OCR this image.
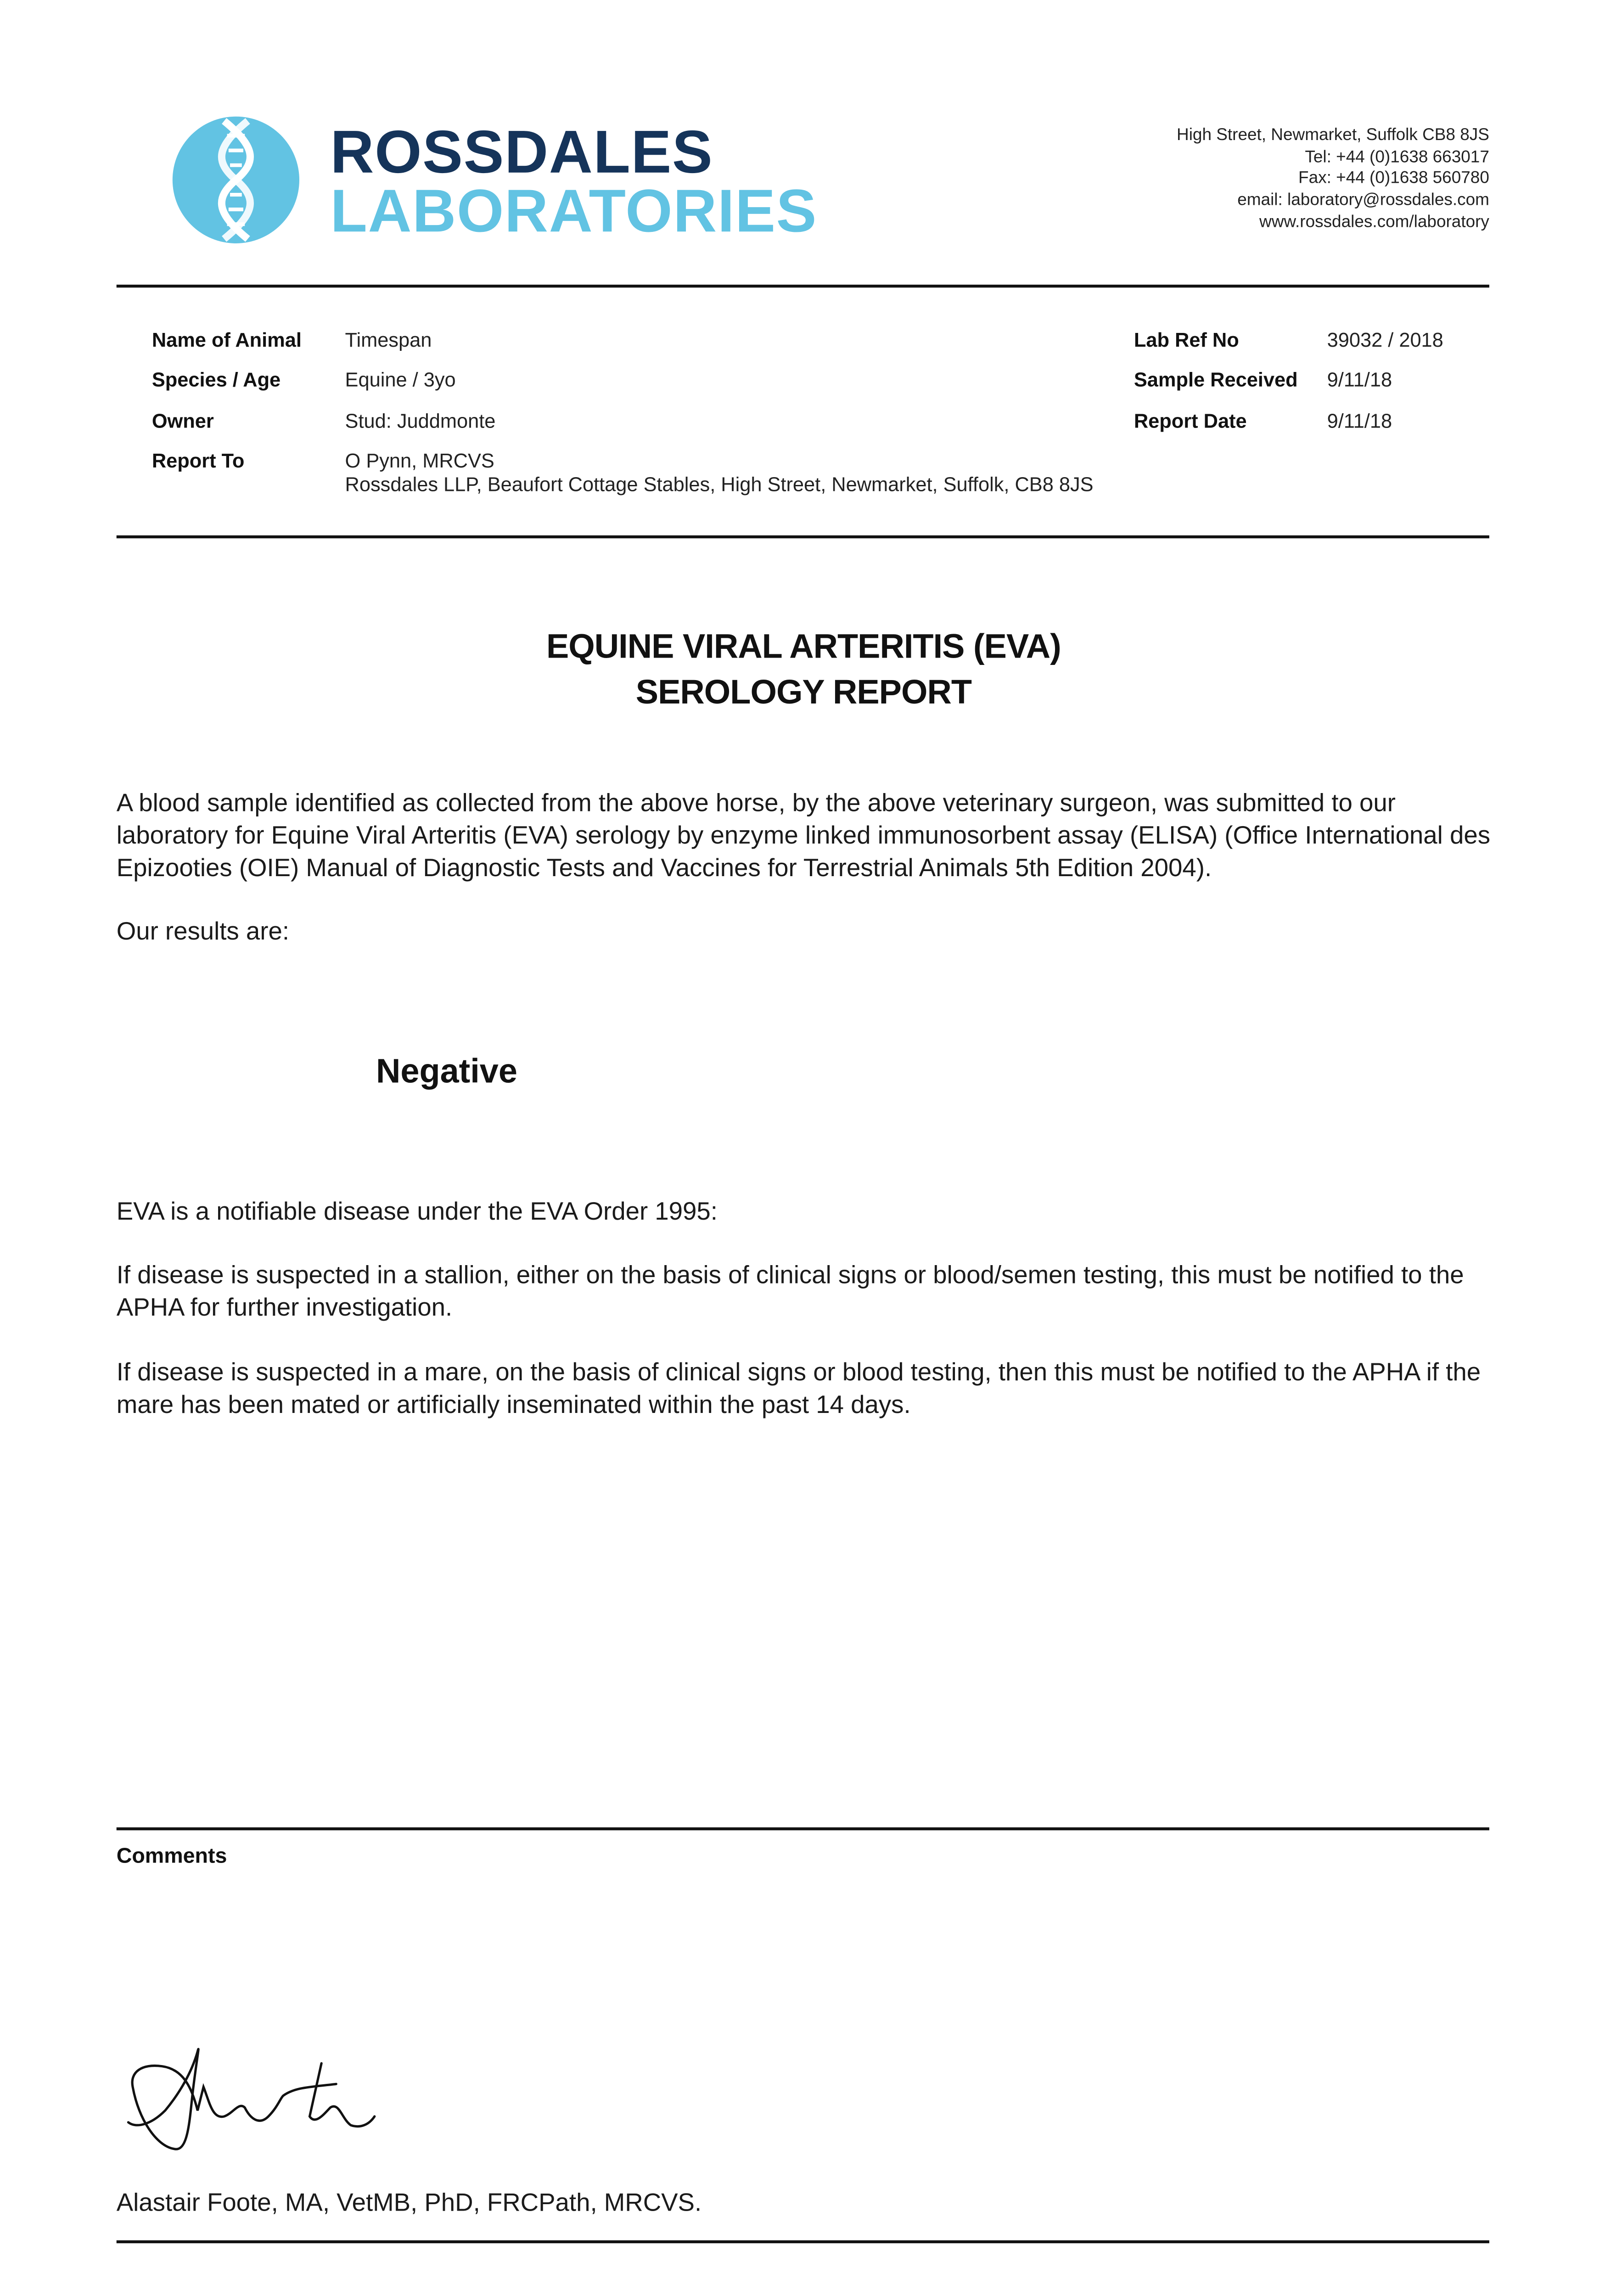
ROSSDALES
LABORATORIES
High Street, Newmarket, Suffolk CB8 8JS
Tel: +44 (0)1638 663017
Fax: +44 (0)1638 560780
email: laboratory@rossdales.com
www.rossdales.com/laboratory
Name of Animal	Timespan
Species / Age	Equine / 3yo
Owner	Stud: Juddmonte
Report To	O Pynn, MRCVS
Rossdales LLP, Beaufort Cottage Stables, High Street, Newmarket, Suffolk, CB8 8JS
Lab Ref No	39032 / 2018
Sample Received	9/11/18
Report Date	9/11/18
EQUINE VIRAL ARTERITIS (EVA)
SEROLOGY REPORT
A blood sample identified as collected from the above horse, by the above veterinary surgeon, was submitted to our laboratory for Equine Viral Arteritis (EVA) serology by enzyme linked immunosorbent assay (ELISA) (Office International des Epizooties (OIE) Manual of Diagnostic Tests and Vaccines for Terrestrial Animals 5th Edition 2004).
Our results are:
Negative
EVA is a notifiable disease under the EVA Order 1995:
If disease is suspected in a stallion, either on the basis of clinical signs or blood/semen testing, this must be notified to the APHA for further investigation.
If disease is suspected in a mare, on the basis of clinical signs or blood testing, then this must be notified to the APHA if the mare has been mated or artificially inseminated within the past 14 days.
Comments
Alastair Foote, MA, VetMB, PhD, FRCPath, MRCVS.
